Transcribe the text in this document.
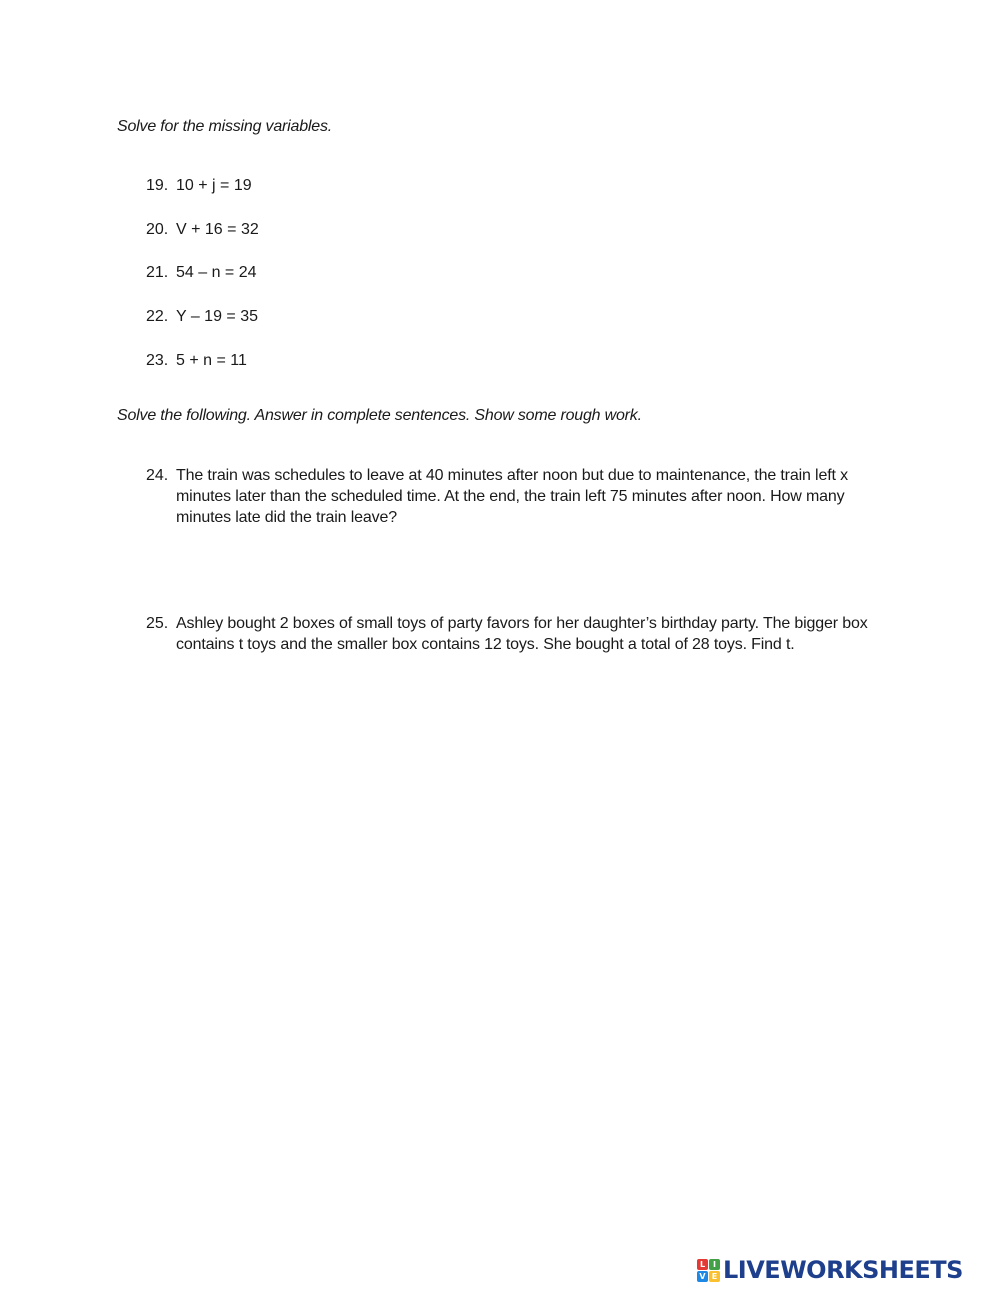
Solve for the missing variables.
19. 10 + j = 19
20. V + 16 = 32
21. 54 – n = 24
22. Y – 19 = 35
23. 5 + n = 11
Solve the following. Answer in complete sentences. Show some rough work.
24. The train was schedules to leave at 40 minutes after noon but due to maintenance, the train left x minutes later than the scheduled time. At the end, the train left 75 minutes after noon. How many minutes late did the train leave?
25. Ashley bought 2 boxes of small toys of party favors for her daughter’s birthday party. The bigger box contains t toys and the smaller box contains 12 toys. She bought a total of 28 toys. Find t.
L I
V E LIVEWORKSHEETS
